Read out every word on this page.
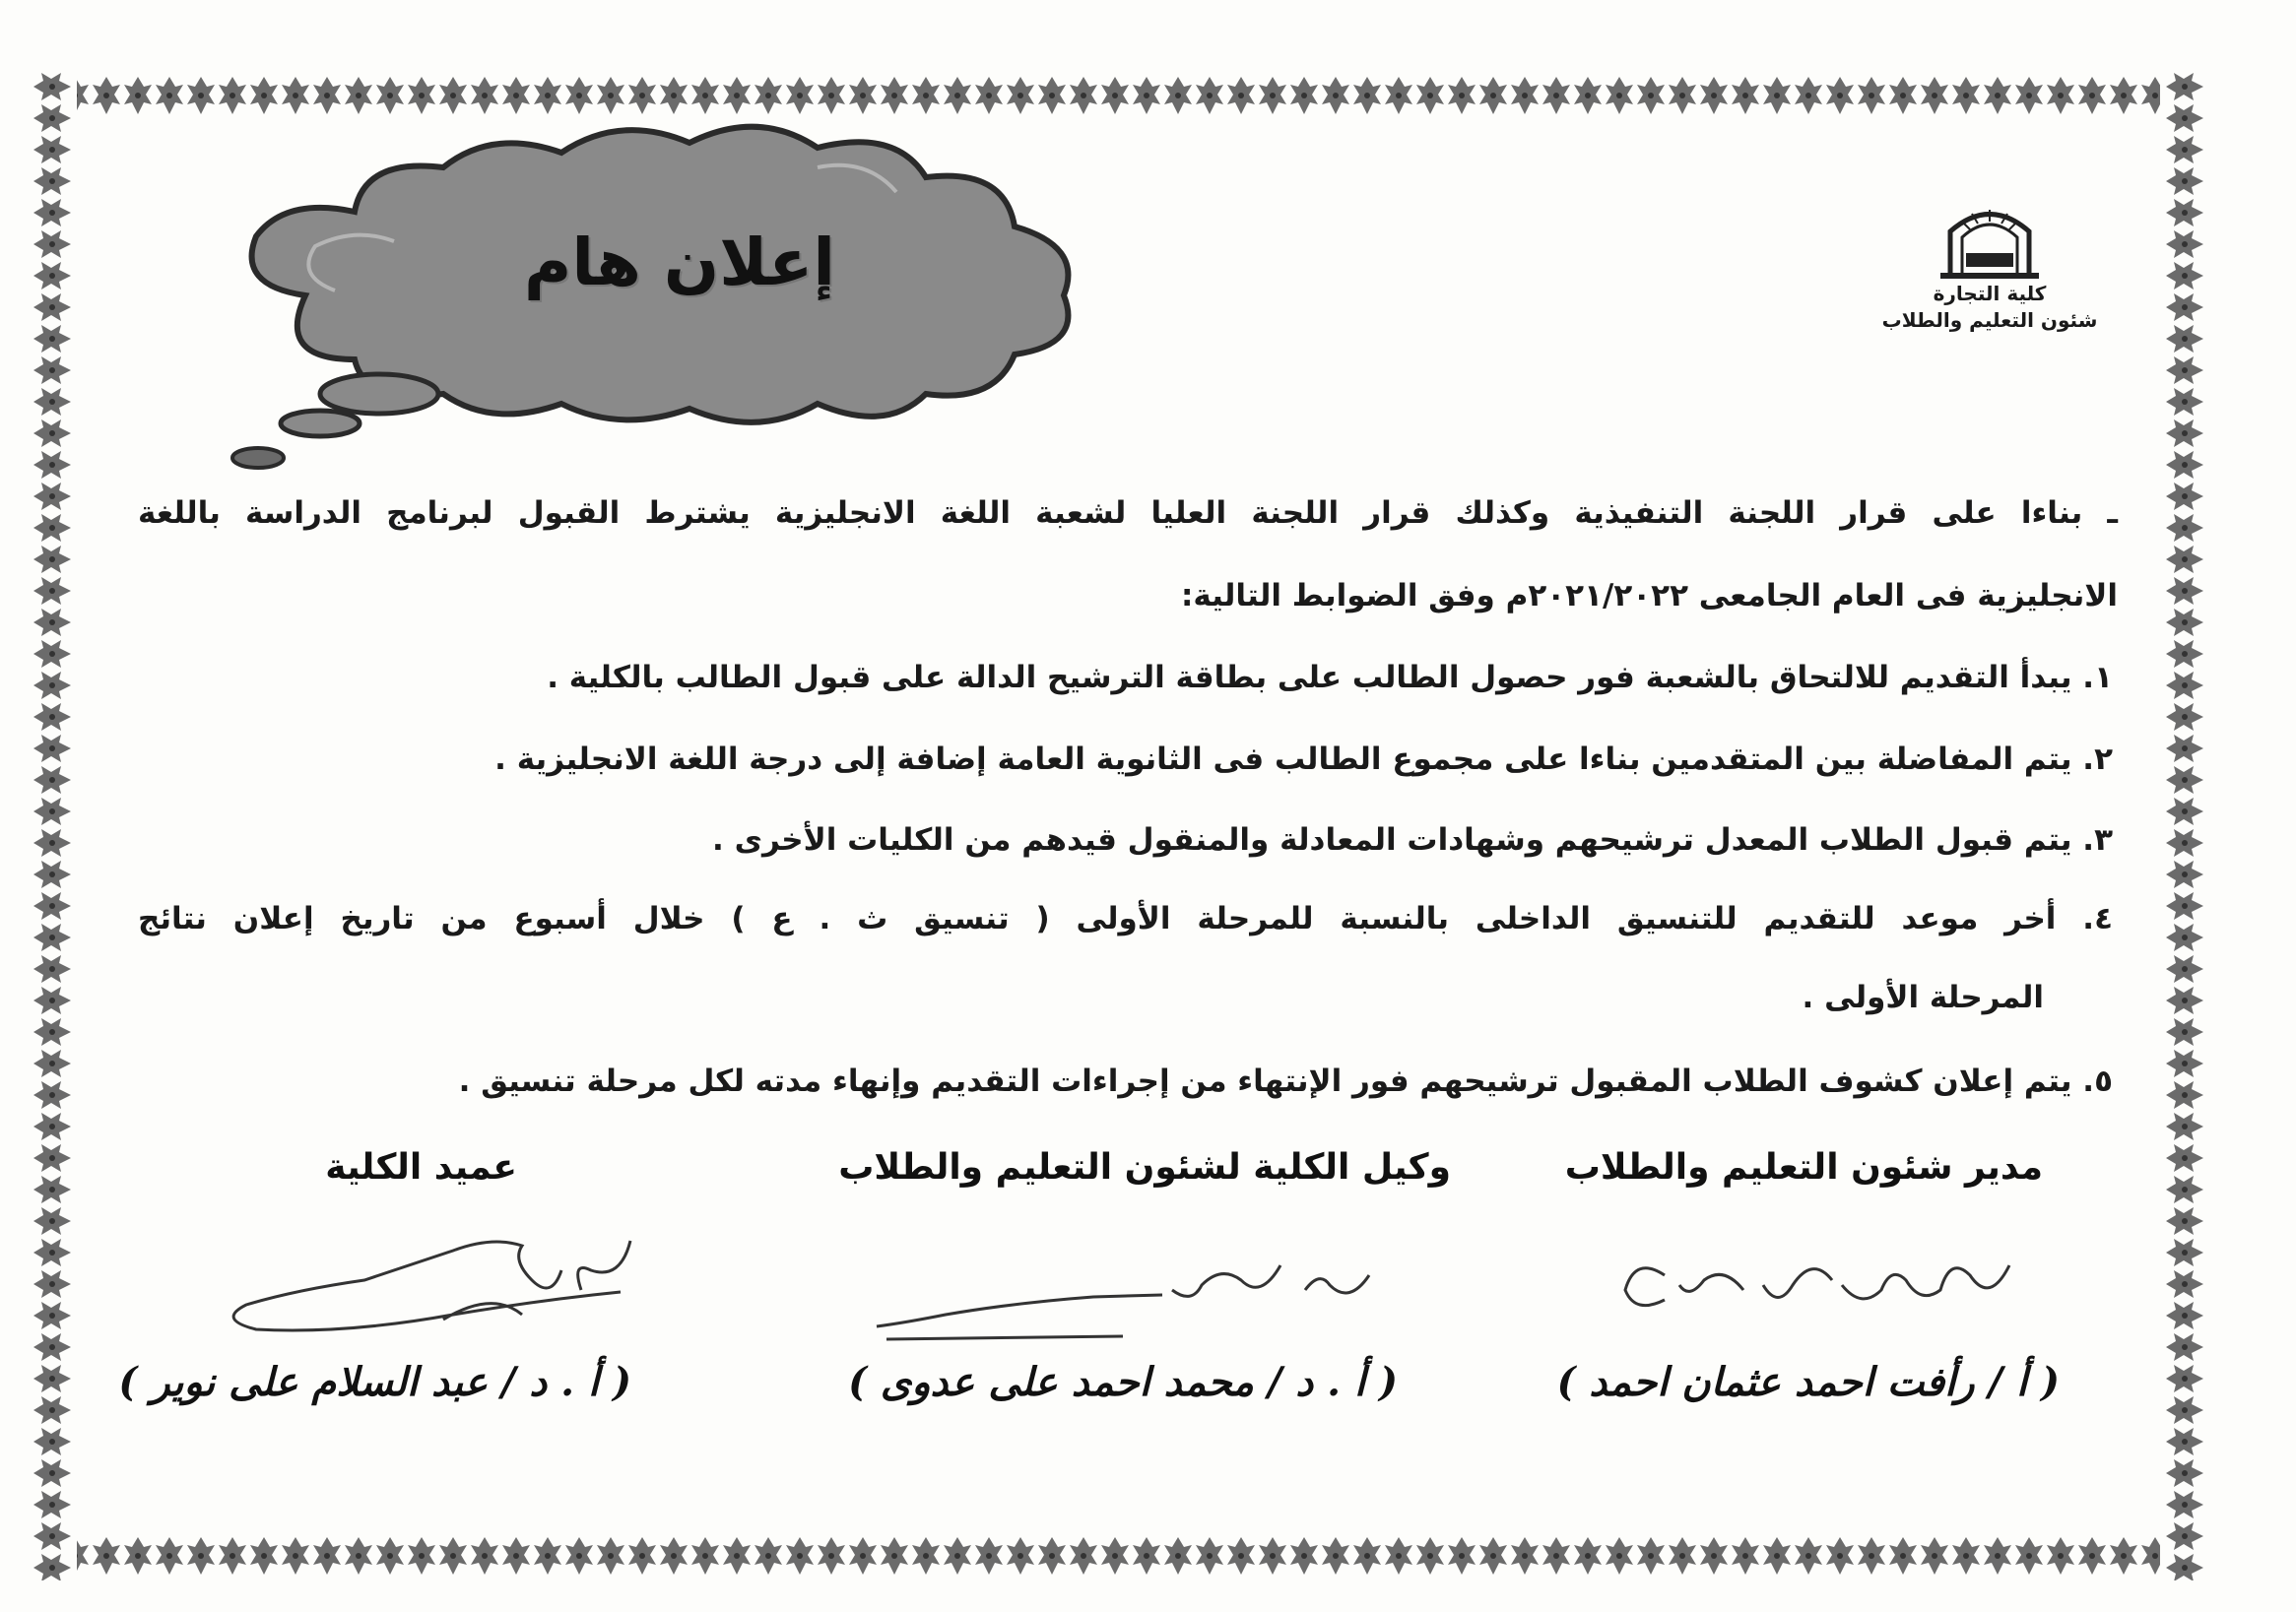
كلية التجارة
شئون التعليم والطلاب
إعلان هام
ـ بناءا على قرار اللجنة التنفيذية وكذلك قرار اللجنة العليا لشعبة اللغة الانجليزية يشترط القبول لبرنامج الدراسة باللغة
الانجليزية فى العام الجامعى ٢٠٢١/٢٠٢٢م وفق الضوابط التالية:
١. يبدأ التقديم للالتحاق بالشعبة فور حصول الطالب على بطاقة الترشيح الدالة على قبول الطالب بالكلية .
٢. يتم المفاضلة بين المتقدمين بناءا على مجموع الطالب فى الثانوية العامة إضافة إلى درجة اللغة الانجليزية .
٣. يتم قبول الطلاب المعدل ترشيحهم وشهادات المعادلة والمنقول قيدهم من الكليات الأخرى .
٤. أخر موعد للتقديم للتنسيق الداخلى بالنسبة للمرحلة الأولى ( تنسيق ث . ع ) خلال أسبوع من تاريخ إعلان نتائج
المرحلة الأولى .
٥. يتم إعلان كشوف الطلاب المقبول ترشيحهم فور الإنتهاء من إجراءات التقديم وإنهاء مدته لكل مرحلة تنسيق .
مدير شئون التعليم والطلاب
وكيل الكلية لشئون التعليم والطلاب
عميد الكلية
( أ / رأفت احمد عثمان احمد )
( أ . د / محمد احمد على عدوى )
( أ . د / عبد السلام على نوير )
